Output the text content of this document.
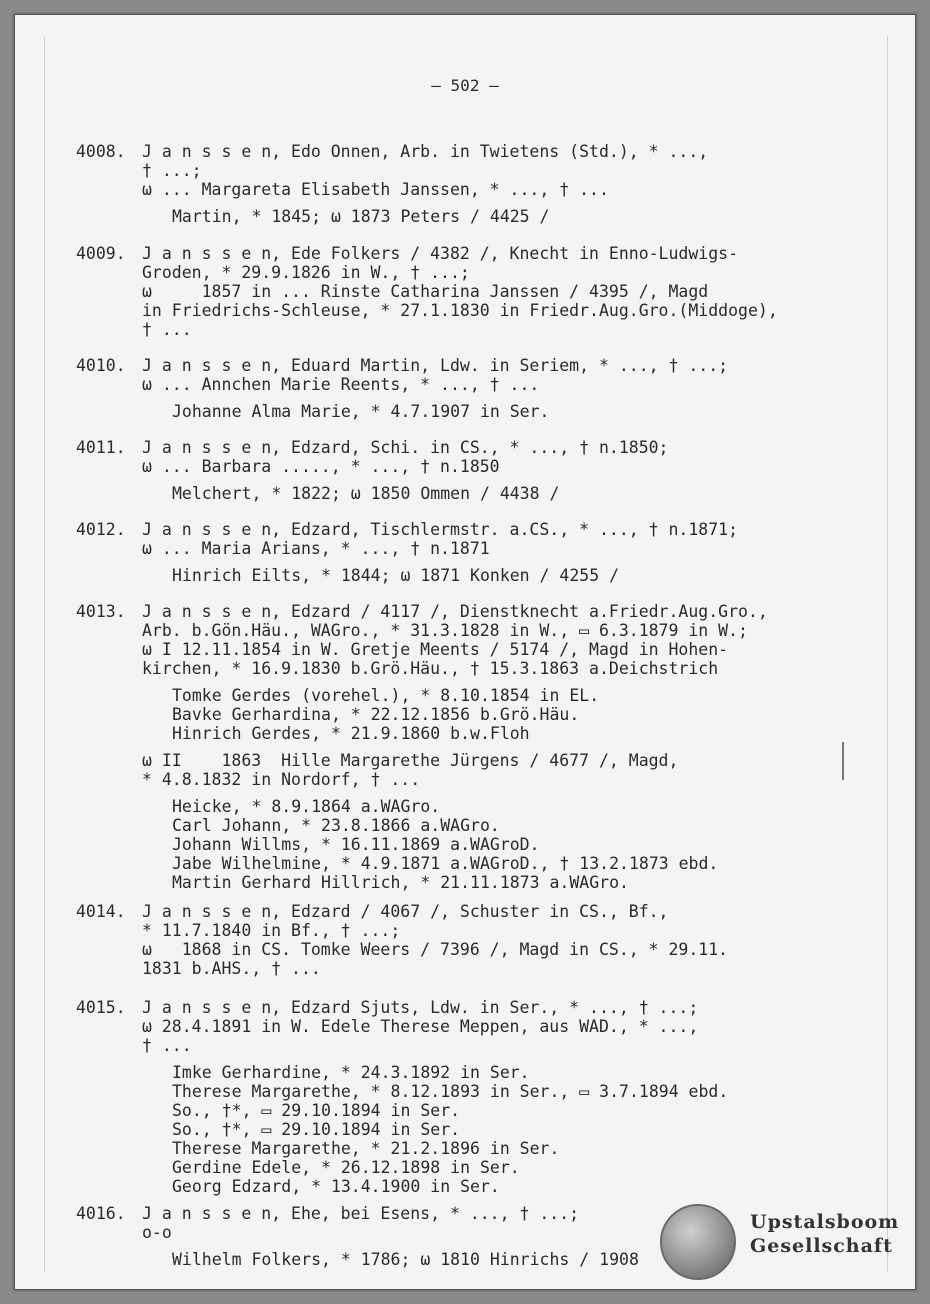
– 502 –
4008. J a n s s e n, Edo Onnen, Arb. in Twietens (Std.), * ...,
† ...;
ω ... Margareta Elisabeth Janssen, * ..., † ...
Martin, * 1845; ω 1873 Peters / 4425 /
4009. J a n s s e n, Ede Folkers / 4382 /, Knecht in Enno-Ludwigs-
Groden, * 29.9.1826 in W., † ...;
ω     1857 in ... Rinste Catharina Janssen / 4395 /, Magd
in Friedrichs-Schleuse, * 27.1.1830 in Friedr.Aug.Gro.(Middoge),
† ...
4010. J a n s s e n, Eduard Martin, Ldw. in Seriem, * ..., † ...;
ω ... Annchen Marie Reents, * ..., † ...
Johanne Alma Marie, * 4.7.1907 in Ser.
4011. J a n s s e n, Edzard, Schi. in CS., * ..., † n.1850;
ω ... Barbara ....., * ..., † n.1850
Melchert, * 1822; ω 1850 Ommen / 4438 /
4012. J a n s s e n, Edzard, Tischlermstr. a.CS., * ..., † n.1871;
ω ... Maria Arians, * ..., † n.1871
Hinrich Eilts, * 1844; ω 1871 Konken / 4255 /
4013. J a n s s e n, Edzard / 4117 /, Dienstknecht a.Friedr.Aug.Gro.,
Arb. b.Gön.Häu., WAGro., * 31.3.1828 in W., ▭ 6.3.1879 in W.;
ω I 12.11.1854 in W. Gretje Meents / 5174 /, Magd in Hohen-
kirchen, * 16.9.1830 b.Grö.Häu., † 15.3.1863 a.Deichstrich
Tomke Gerdes (vorehel.), * 8.10.1854 in EL.
Bavke Gerhardina, * 22.12.1856 b.Grö.Häu.
Hinrich Gerdes, * 21.9.1860 b.w.Floh
ω II    1863  Hille Margarethe Jürgens / 4677 /, Magd,
* 4.8.1832 in Nordorf, † ...
Heicke, * 8.9.1864 a.WAGro.
Carl Johann, * 23.8.1866 a.WAGro.
Johann Willms, * 16.11.1869 a.WAGroD.
Jabe Wilhelmine, * 4.9.1871 a.WAGroD., † 13.2.1873 ebd.
Martin Gerhard Hillrich, * 21.11.1873 a.WAGro.
4014. J a n s s e n, Edzard / 4067 /, Schuster in CS., Bf.,
* 11.7.1840 in Bf., † ...;
ω   1868 in CS. Tomke Weers / 7396 /, Magd in CS., * 29.11.
1831 b.AHS., † ...
4015. J a n s s e n, Edzard Sjuts, Ldw. in Ser., * ..., † ...;
ω 28.4.1891 in W. Edele Therese Meppen, aus WAD., * ...,
† ...
Imke Gerhardine, * 24.3.1892 in Ser.
Therese Margarethe, * 8.12.1893 in Ser., ▭ 3.7.1894 ebd.
So., †*, ▭ 29.10.1894 in Ser.
So., †*, ▭ 29.10.1894 in Ser.
Therese Margarethe, * 21.2.1896 in Ser.
Gerdine Edele, * 26.12.1898 in Ser.
Georg Edzard, * 13.4.1900 in Ser.
4016. J a n s s e n, Ehe, bei Esens, * ..., † ...;
o-o
Wilhelm Folkers, * 1786; ω 1810 Hinrichs / 1908
Upstalsboom
Gesellschaft
